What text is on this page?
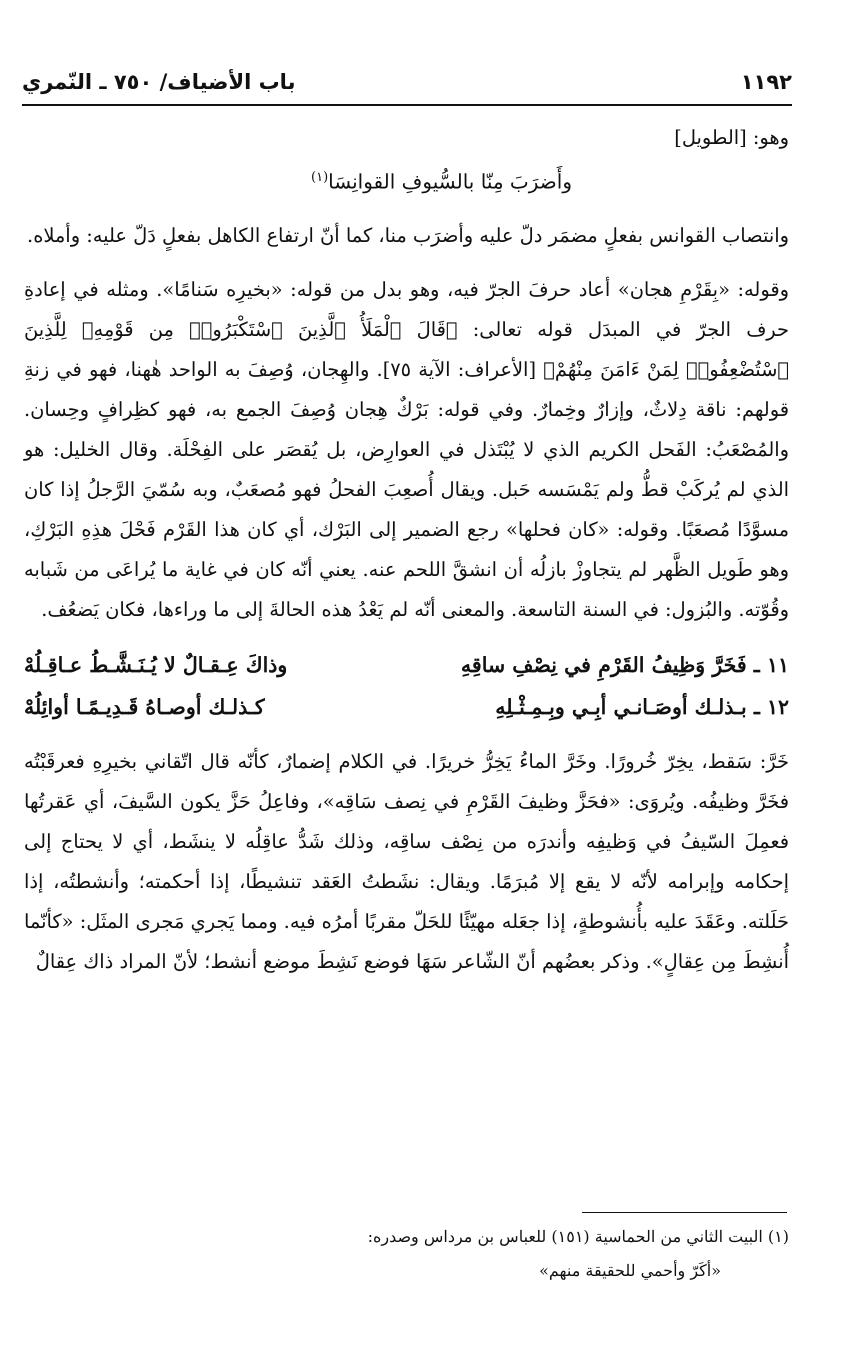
١١٩٢
باب الأضياف/ ٧٥٠ ـ النّمري

وهو: [الطويل]

وأَضرَبَ مِنّا بالسُّيوفِ القوانِسَا$^{(١)}$

وانتصاب القوانس بفعلٍ مضمَر دلّ عليه وأضرَب منا، كما أنّ ارتفاع الكاهل بفعلٍ دَلّ عليه: وأملاه.

وقوله: «بِقَرْمِ هجان» أعاد حرفَ الجرّ فيه، وهو بدل من قوله: «بخيرِه سَنامًا». ومثله في إعادةِ حرف الجرّ في المبدَل قوله تعالى: ﴿قَالَ ٱلْمَلَأُ ٱلَّذِينَ ٱسْتَكْبَرُوا۟ مِن قَوْمِهِۦ لِلَّذِينَ ٱسْتُضْعِفُوا۟ لِمَنْ ءَامَنَ مِنْهُمْ﴾ [الأعراف: الآية ٧٥]. والهِجان، وُصِفَ به الواحد هٰهنا، فهو في زنةِ قولهم: ناقة دِلاثٌ، وإزارٌ وخِمارٌ. وفي قوله: بَرْكٌ هِجان وُصِفَ الجمع به، فهو كظِرافٍ وحِسان. والمُصْعَبُ: الفَحل الكريم الذي لا يُبْتَذل في العوارِض، بل يُقصَر على الفِحْلَة. وقال الخليل: هو الذي لم يُركَبْ قطُّ ولم يَمْسَسه حَبل. ويقال أُصعِبَ الفحلُ فهو مُصعَبٌ، وبه سُمّيَ الرَّجلُ إذا كان مسوَّدًا مُصعَبًا. وقوله: «كان فحلها» رجع الضمير إلى البَرْك، أي كان هذا القَرْم فَحْلَ هذِهِ البَرْكِ، وهو طَويل الظَّهر لم يتجاوزْ بازلُه أن انشقَّ اللحم عنه. يعني أنّه كان في غاية ما يُراعَى من شَبابه وقُوّته. والبُزول: في السنة التاسعة. والمعنى أنّه لم يَعْدُ هذه الحالةَ إلى ما وراءها، فكان يَضعُف.

١١ ـ فَخَرَّ وَظِيفُ القَرْمِ في نِصْفِ ساقِهِ
وذاكَ عِـقـالٌ لا يُـنَـشَّـطُ عـاقِـلُهْ
١٢ ـ بـذلـك أوصَـانـي أبِـي وبِـمِـثْـلِهِ
كـذلـك أوصـاهُ قَـدِيـمًـا أوائِلُهْ

خَرَّ: سَقط، يخِرّ خُرورًا. وخَرَّ الماءُ يَخِرُّ خريرًا. في الكلام إضمارٌ، كأنّه قال اتّقاني بخيرِهِ فعرقَبْتُه فخَرَّ وظيفُه. ويُروَى: «فحَزَّ وظيفَ القَرْمِ في نِصف سَاقِه»، وفاعِلُ حَزَّ يكون السَّيفَ، أي عَقرتُها فعمِلَ السّيفُ في وَظيفِه وأندرَه من نِصْف ساقِه، وذلك شَدُّ عاقِلُه لا ينشَط، أي لا يحتاج إلى إحكامه وإبرامه لأنّه لا يقع إلا مُبرَمًا. ويقال: نشَطتُ العَقد تنشيطًا، إذا أحكمته؛ وأنشطتُه، إذا حَلَلته. وعَقَدَ عليه بأُنشوطةٍ، إذا جعَله مهيّئًا للحَلّ مقربًا أمرُه فيه. ومما يَجري مَجرى المثَل: «كأنّما أُنشِطَ مِن عِقالٍ». وذكر بعضُهم أنّ الشّاعر سَهَا فوضع نَشِطَ موضع أنشط؛ لأنّ المراد ذاك عِقالٌ

(١) البيت الثاني من الحماسية (١٥١) للعباس بن مرداس وصدره:

«أكَرّ وأحمي للحقيقة منهم»
